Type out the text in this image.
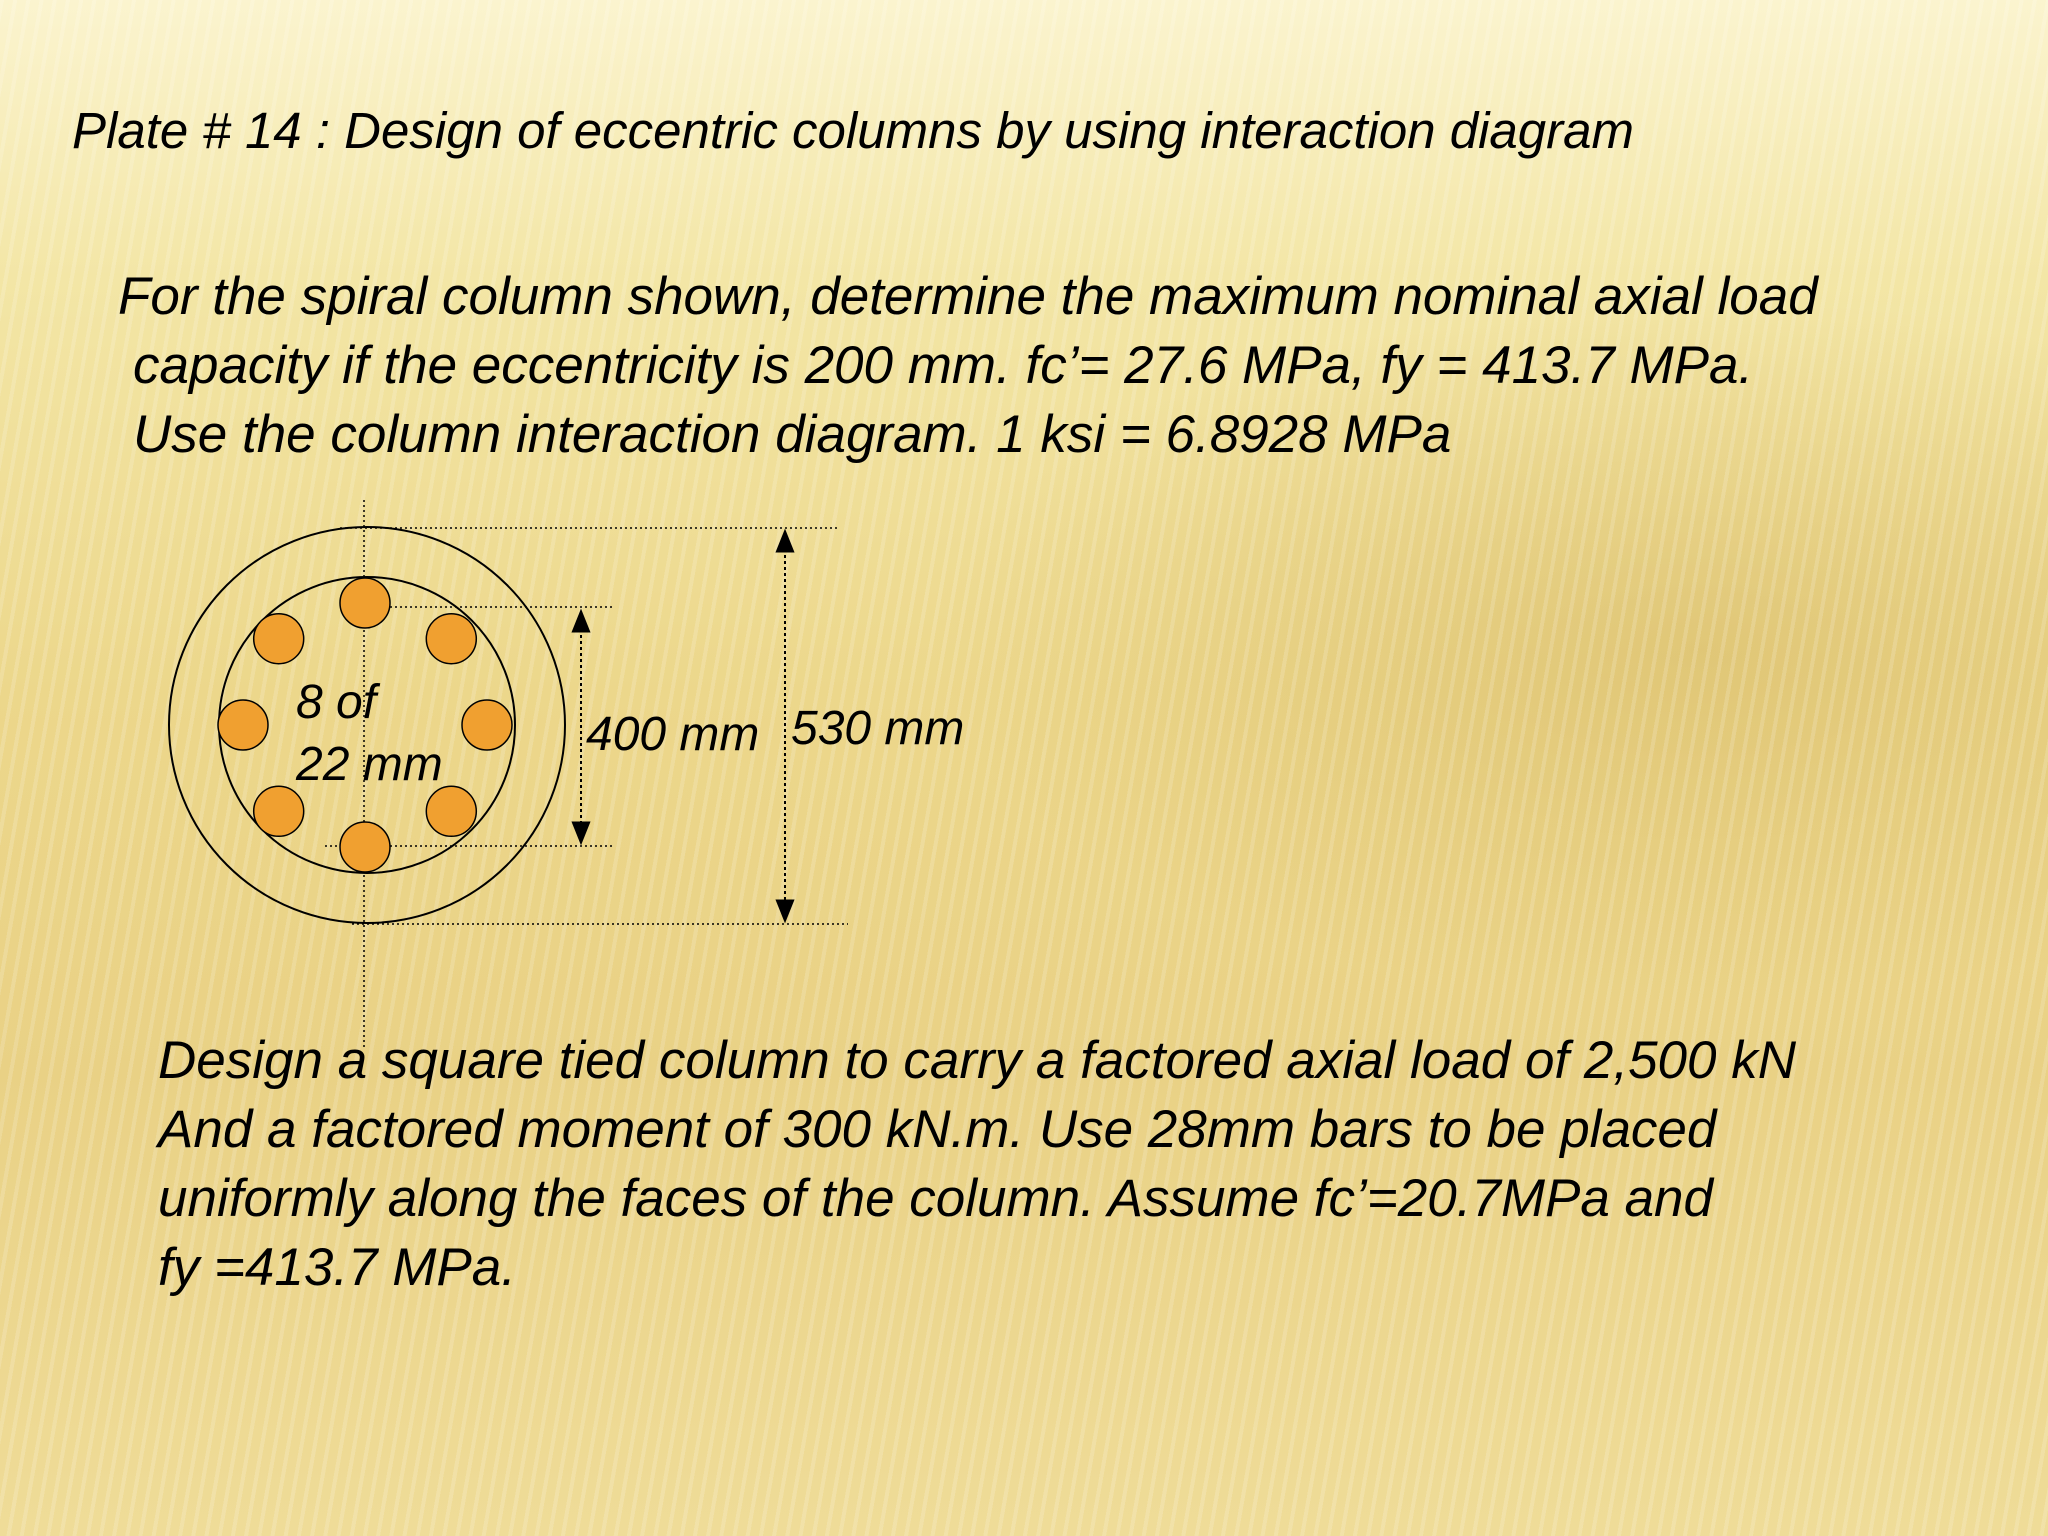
Plate # 14 : Design of eccentric columns by using interaction diagram
For the spiral column shown, determine the maximum nominal axial load
capacity if the eccentricity is 200 mm. fc’= 27.6 MPa, fy = 413.7 MPa.
Use the column interaction diagram. 1 ksi = 6.8928 MPa
8 of
22 mm
400 mm 530 mm
Design a square tied column to carry a factored axial load of 2,500 kN
And a factored moment of 300 kN.m. Use 28mm bars to be placed
uniformly along the faces of the column. Assume fc’=20.7MPa and
fy =413.7 MPa.
